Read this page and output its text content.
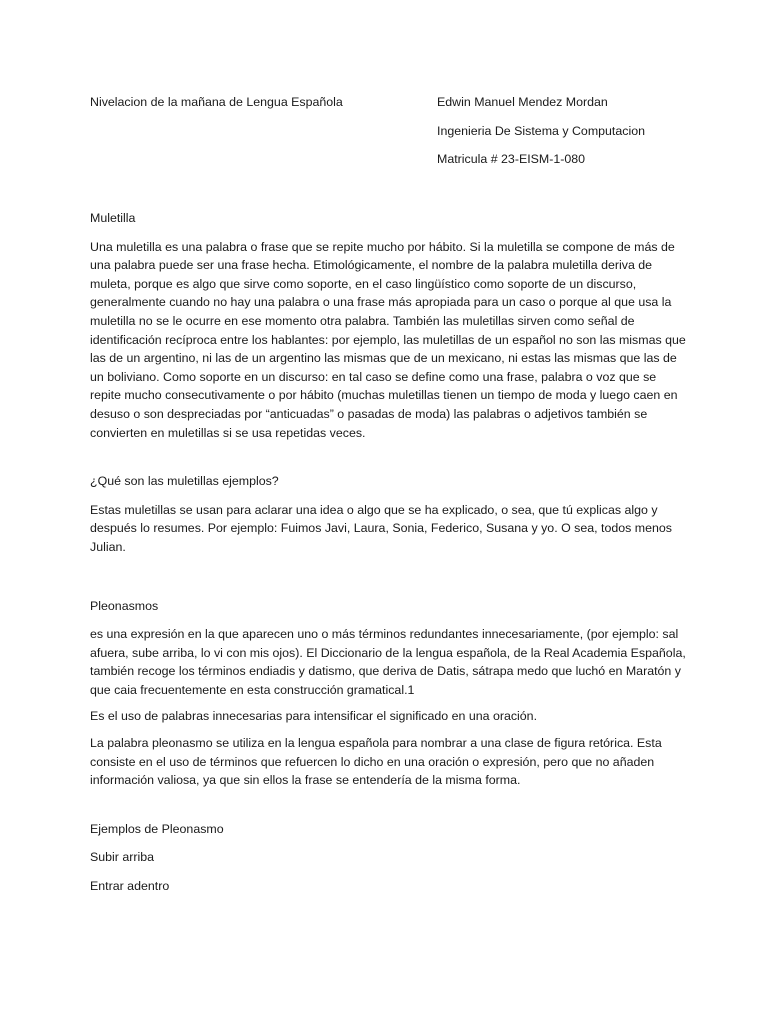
Nivelacion de la mañana de Lengua Española	Edwin Manuel Mendez Mordan
Ingenieria De Sistema y Computacion
Matricula # 23-EISM-1-080

Muletilla

Una muletilla es una palabra o frase que se repite mucho por hábito. Si la muletilla se compone de más de una palabra puede ser una frase hecha. Etimológicamente, el nombre de la palabra muletilla deriva de muleta, porque es algo que sirve como soporte, en el caso lingüístico como soporte de un discurso, generalmente cuando no hay una palabra o una frase más apropiada para un caso o porque al que usa la muletilla no se le ocurre en ese momento otra palabra. También las muletillas sirven como señal de identificación recíproca entre los hablantes: por ejemplo, las muletillas de un español no son las mismas que las de un argentino, ni las de un argentino las mismas que de un mexicano, ni estas las mismas que las de un boliviano. Como soporte en un discurso: en tal caso se define como una frase, palabra o voz que se repite mucho consecutivamente o por hábito (muchas muletillas tienen un tiempo de moda y luego caen en desuso o son despreciadas por “anticuadas” o pasadas de moda) las palabras o adjetivos también se convierten en muletillas si se usa repetidas veces.

¿Qué son las muletillas ejemplos?

Estas muletillas se usan para aclarar una idea o algo que se ha explicado, o sea, que tú explicas algo y después lo resumes. Por ejemplo: Fuimos Javi, Laura, Sonia, Federico, Susana y yo. O sea, todos menos Julian.

Pleonasmos

es una expresión en la que aparecen uno o más términos redundantes innecesariamente, (por ejemplo: sal afuera, sube arriba, lo vi con mis ojos). El Diccionario de la lengua española, de la Real Academia Española, también recoge los términos endiadis y datismo, que deriva de Datis, sátrapa medo que luchó en Maratón y que caia frecuentemente en esta construcción gramatical.1

Es el uso de palabras innecesarias para intensificar el significado en una oración.

La palabra pleonasmo se utiliza en la lengua española para nombrar a una clase de figura retórica. Esta consiste en el uso de términos que refuercen lo dicho en una oración o expresión, pero que no añaden información valiosa, ya que sin ellos la frase se entendería de la misma forma.

Ejemplos de Pleonasmo

Subir arriba

Entrar adentro
